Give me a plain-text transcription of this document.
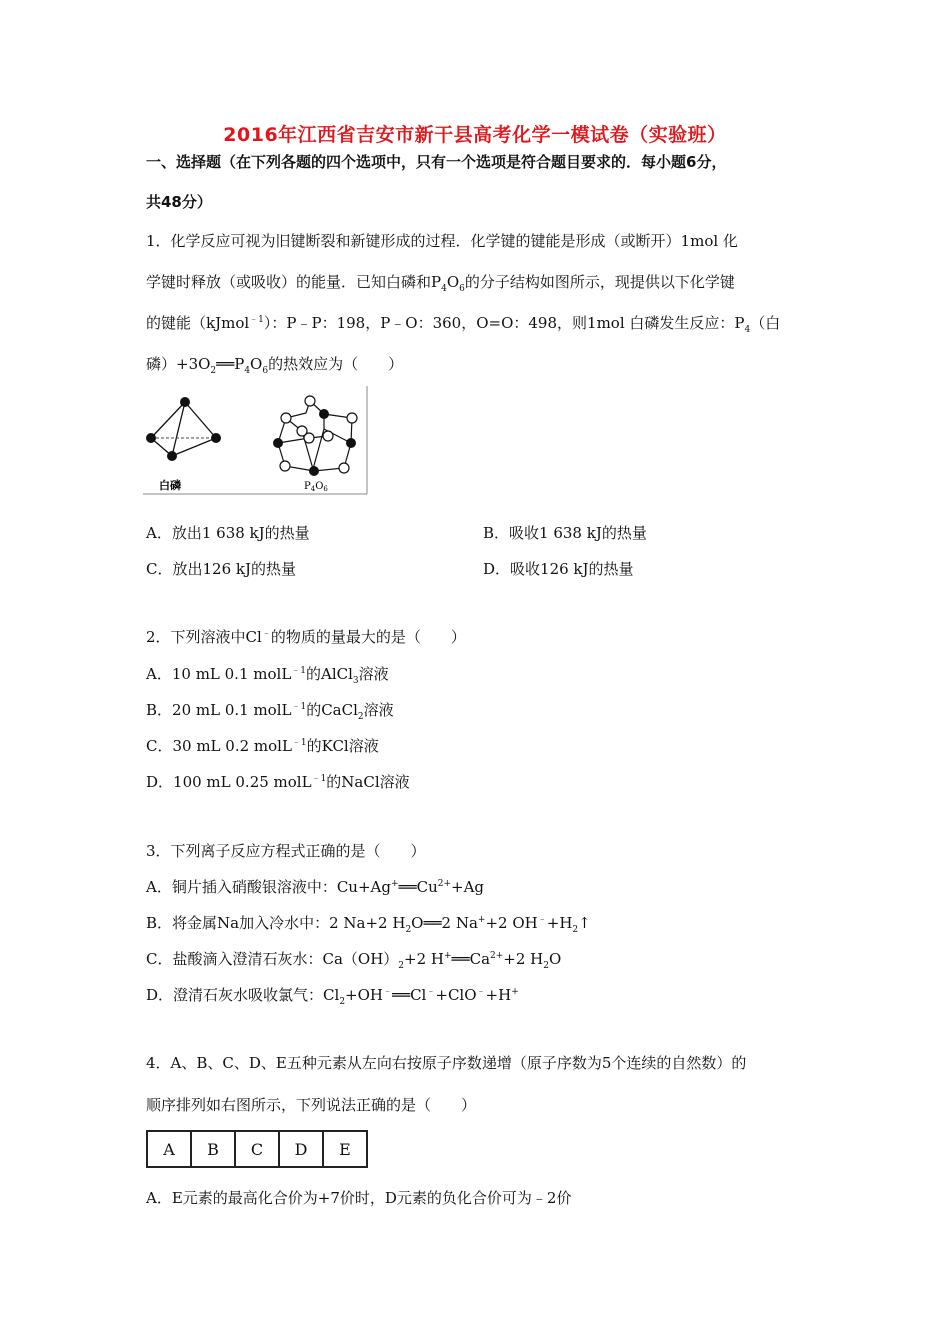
2016年江西省吉安市新干县高考化学一模试卷（实验班）
一、选择题（在下列各题的四个选项中，只有一个选项是符合题目要求的．每小题6分，
共48分）
1．化学反应可视为旧键断裂和新键形成的过程．化学键的键能是形成（或断开）1mol 化
学键时释放（或吸收）的能量．已知白磷和$P_4O_6$的分子结构如图所示，现提供以下化学键
的键能（kJmol$^{﹣1}$）：P﹣P：198，P﹣O：360，O=O：498，则1mol 白磷发生反应：$P_4$（白
磷）$+3O_2══P_4O_6$的热效应为（　　）
白磷	$P_4O_6$
A．放出1 638 kJ的热量	B．吸收1 638 kJ的热量
C．放出126 kJ的热量	D．吸收126 kJ的热量
2．下列溶液中Cl﹣的物质的量最大的是（　　）
A．10 mL 0.1 molL$^{﹣1}$的AlCl$_3$溶液
B．20 mL 0.1 molL$^{﹣1}$的CaCl$_2$溶液
C．30 mL 0.2 molL$^{﹣1}$的KCl溶液
D．100 mL 0.25 molL$^{﹣1}$的NaCl溶液
3．下列离子反应方程式正确的是（　　）
A．铜片插入硝酸银溶液中：$Cu+Ag^+══Cu^{2+}+Ag$
B．将金属Na加入冷水中：2 Na+2 $H_2O══2$ Na++2 $OH^﹣+H_2↑$
C．盐酸滴入澄清石灰水：$Ca(OH)_2+2$ $H^+══Ca^{2+}+2$ $H_2O$
D．澄清石灰水吸收氯气：$Cl_2+OH^﹣══Cl^﹣+ClO^﹣+H^+$
4．A、B、C、D、E五种元素从左向右按原子序数递增（原子序数为5个连续的自然数）的
顺序排列如右图所示，下列说法正确的是（　　）
A	B	C	D	E
A．E元素的最高化合价为+7价时，D元素的负化合价可为﹣2价
